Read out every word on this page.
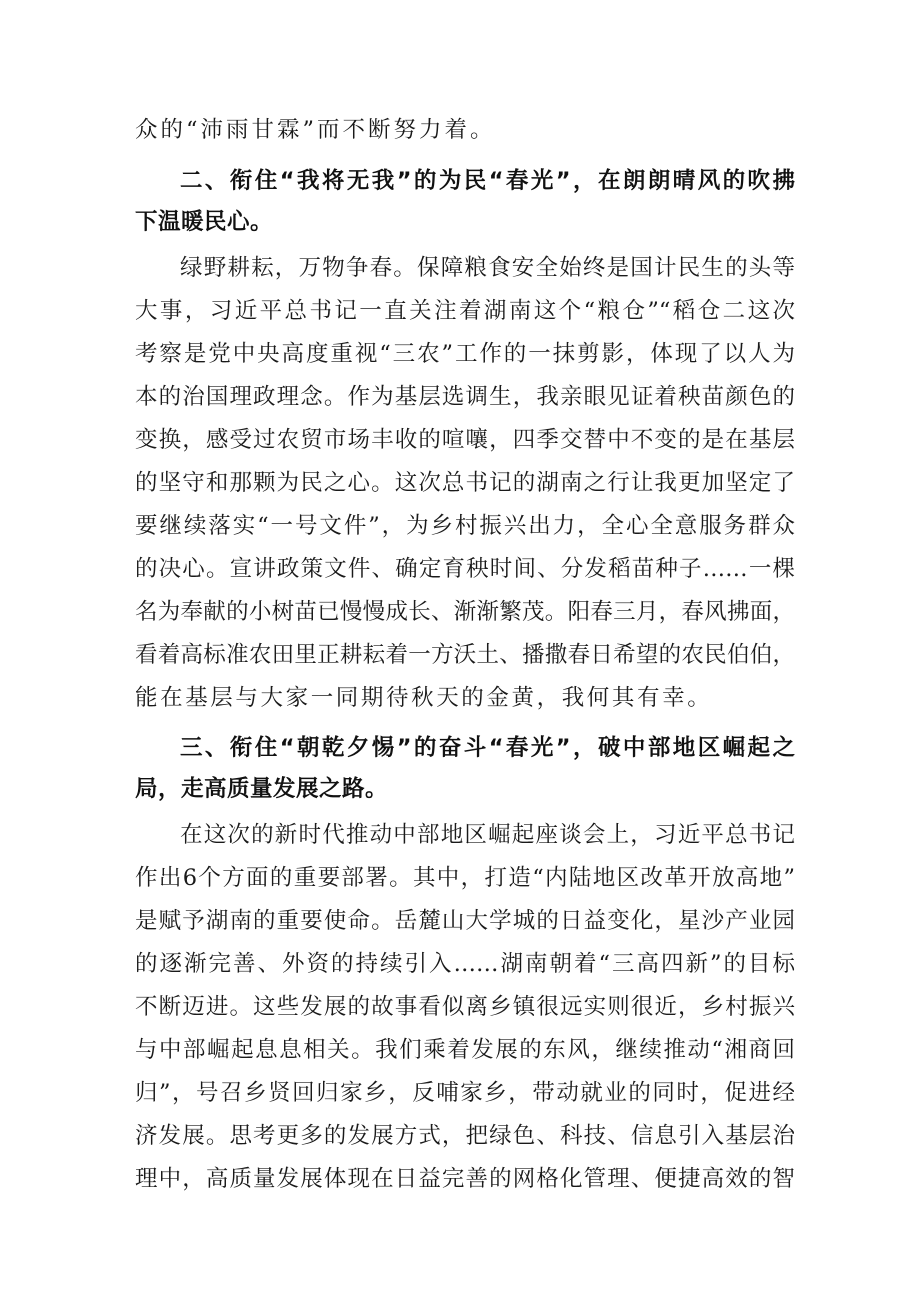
众的“沛雨甘霖”而不断努力着。
二、衔住“我将无我”的为民“春光”，在朗朗晴风的吹拂
下温暖民心。
绿野耕耘，万物争春。保障粮食安全始终是国计民生的头等
大事，习近平总书记一直关注着湖南这个“粮仓”“稻仓二这次
考察是党中央高度重视“三农”工作的一抹剪影，体现了以人为
本的治国理政理念。作为基层选调生，我亲眼见证着秧苗颜色的
变换，感受过农贸市场丰收的喧嚷，四季交替中不变的是在基层
的坚守和那颗为民之心。这次总书记的湖南之行让我更加坚定了
要继续落实“一号文件”，为乡村振兴出力，全心全意服务群众
的决心。宣讲政策文件、确定育秧时间、分发稻苗种子……一棵
名为奉献的小树苗已慢慢成长、渐渐繁茂。阳春三月，春风拂面，
看着高标准农田里正耕耘着一方沃土、播撒春日希望的农民伯伯，
能在基层与大家一同期待秋天的金黄，我何其有幸。
三、衔住“朝乾夕惕”的奋斗“春光”，破中部地区崛起之
局，走高质量发展之路。
在这次的新时代推动中部地区崛起座谈会上，习近平总书记
作出6个方面的重要部署。其中，打造“内陆地区改革开放高地”
是赋予湖南的重要使命。岳麓山大学城的日益变化，星沙产业园
的逐渐完善、外资的持续引入……湖南朝着“三高四新”的目标
不断迈进。这些发展的故事看似离乡镇很远实则很近，乡村振兴
与中部崛起息息相关。我们乘着发展的东风，继续推动“湘商回
归”，号召乡贤回归家乡，反哺家乡，带动就业的同时，促进经
济发展。思考更多的发展方式，把绿色、科技、信息引入基层治
理中，高质量发展体现在日益完善的网格化管理、便捷高效的智
